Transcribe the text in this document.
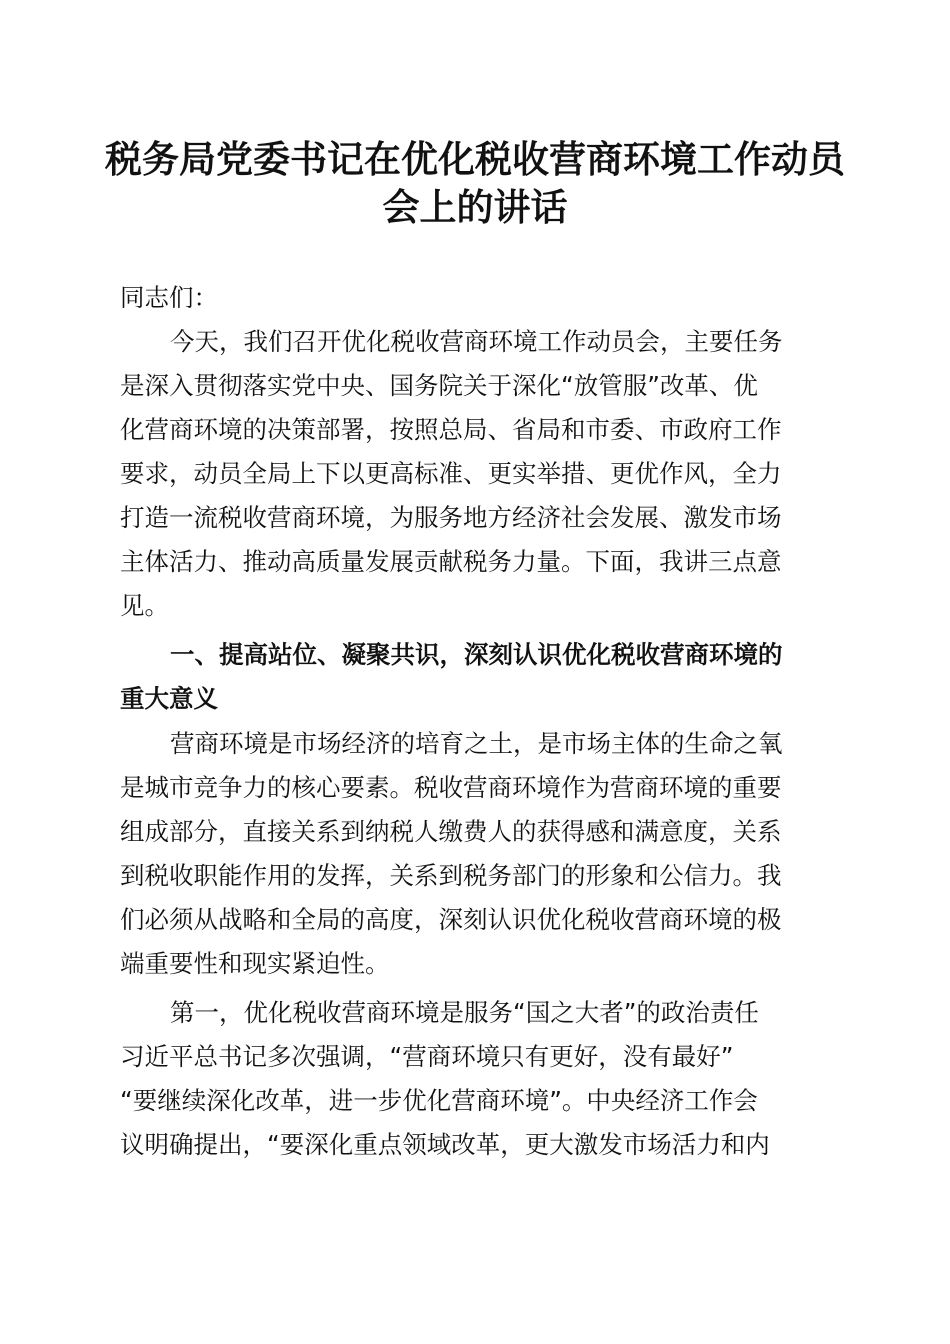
税务局党委书记在优化税收营商环境工作动员
会上的讲话
同志们：
今天，我们召开优化税收营商环境工作动员会，主要任务
是深入贯彻落实党中央、国务院关于深化“放管服”改革、优
化营商环境的决策部署，按照总局、省局和市委、市政府工作
要求，动员全局上下以更高标准、更实举措、更优作风，全力
打造一流税收营商环境，为服务地方经济社会发展、激发市场
主体活力、推动高质量发展贡献税务力量。下面，我讲三点意
见。
一、提高站位、凝聚共识，深刻认识优化税收营商环境的
重大意义
营商环境是市场经济的培育之土，是市场主体的生命之氧
是城市竞争力的核心要素。税收营商环境作为营商环境的重要
组成部分，直接关系到纳税人缴费人的获得感和满意度，关系
到税收职能作用的发挥，关系到税务部门的形象和公信力。我
们必须从战略和全局的高度，深刻认识优化税收营商环境的极
端重要性和现实紧迫性。
第一，优化税收营商环境是服务“国之大者”的政治责任
习近平总书记多次强调，“营商环境只有更好，没有最好”
“要继续深化改革，进一步优化营商环境”。中央经济工作会
议明确提出，“要深化重点领域改革，更大激发市场活力和内
